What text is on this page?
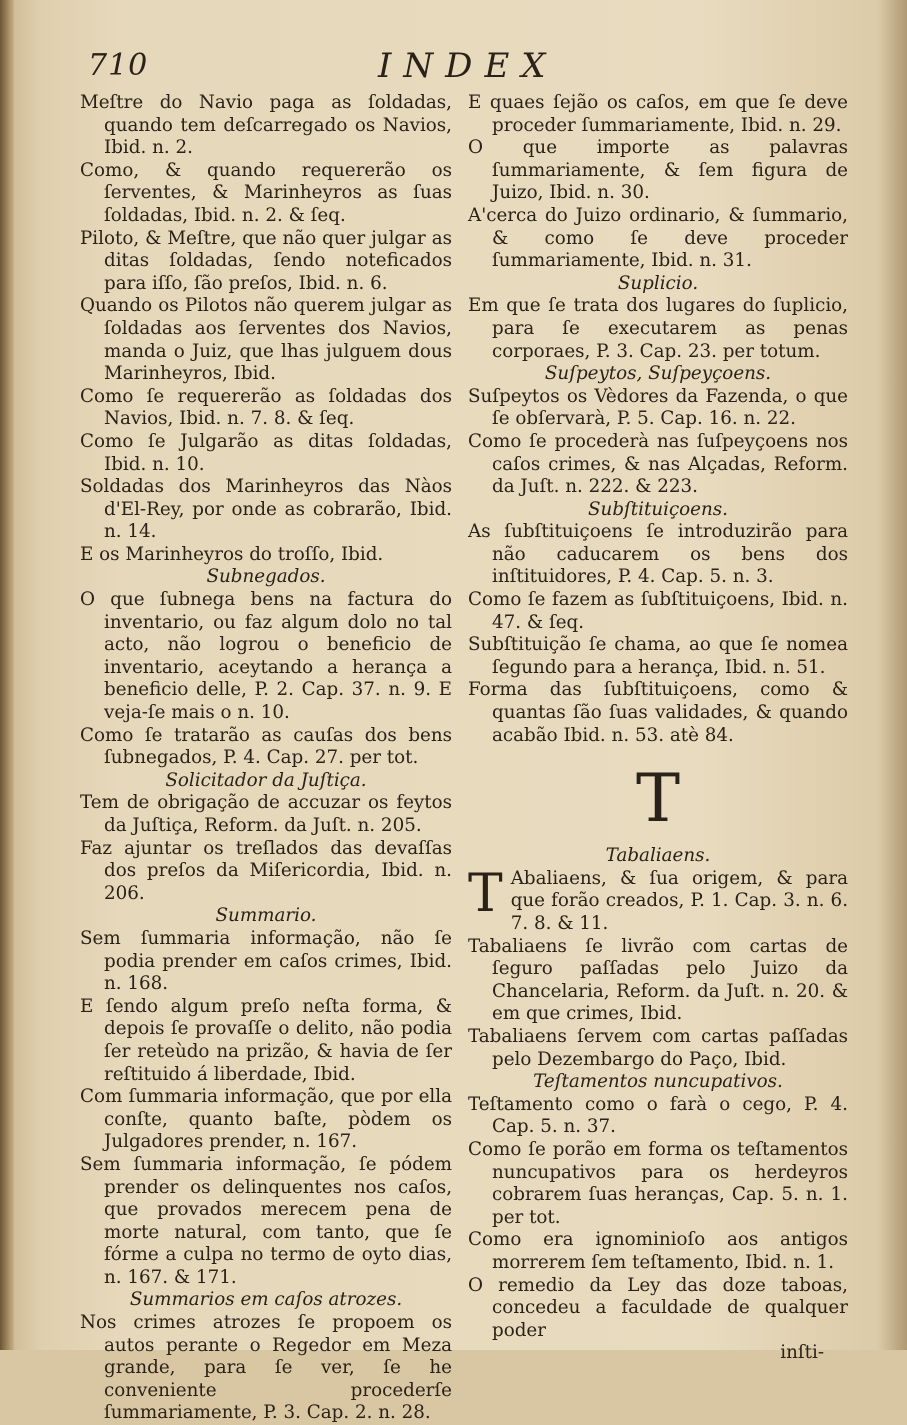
710	INDEX

Meſtre do Navio paga as ſoldadas, quando tem deſcarregado os Navios, Ibid. n. 2.

Como, & quando requererão os ſerventes, & Marinheyros as ſuas ſoldadas, Ibid. n. 2. & ſeq.

Piloto, & Meſtre, que não quer julgar as ditas ſoldadas, ſendo noteficados para iſſo, ſão preſos, Ibid. n. 6.

Quando os Pilotos não querem julgar as ſoldadas aos ſerventes dos Navios, manda o Juiz, que lhas julguem dous Marinheyros, Ibid.

Como ſe requererão as ſoldadas dos Navios, Ibid. n. 7. 8. & ſeq.

Como ſe Julgarão as ditas ſoldadas, Ibid. n. 10.

Soldadas dos Marinheyros das Nàos d'El-Rey, por onde as cobrarão, Ibid. n. 14.

E os Marinheyros do troſſo, Ibid.

Subnegados.

O que ſubnega bens na factura do inventario, ou faz algum dolo no tal acto, não logrou o beneficio de inventario, aceytando a herança a beneficio delle, P. 2. Cap. 37. n. 9. E veja-ſe mais o n. 10.

Como ſe tratarão as cauſas dos bens ſubnegados, P. 4. Cap. 27. per tot.

Solicitador da Juſtiça.

Tem de obrigação de accuzar os feytos da Juſtiça, Reform. da Juſt. n. 205.

Faz ajuntar os treſlados das devaſſas dos preſos da Miſericordia, Ibid. n. 206.

Summario.

Sem ſummaria informação, não ſe podia prender em caſos crimes, Ibid. n. 168.

E ſendo algum preſo neſta forma, & depois ſe provaſſe o delito, não podia ſer reteùdo na prizão, & havia de ſer reſtituido á liberdade, Ibid.

Com ſummaria informação, que por ella conſte, quanto baſte, pòdem os Julgadores prender, n. 167.

Sem ſummaria informação, ſe pódem prender os delinquentes nos caſos, que provados merecem pena de morte natural, com tanto, que ſe fórme a culpa no termo de oyto dias, n. 167. & 171.

Summarios em caſos atrozes.

Nos crimes atrozes ſe propoem os autos perante o Regedor em Meza grande, para ſe ver, ſe he conveniente procederſe ſummariamente, P. 3. Cap. 2. n. 28.

E quaes ſejão os caſos, em que ſe deve proceder ſummariamente, Ibid. n. 29.

O que importe as palavras ſummariamente, & ſem figura de Juizo, Ibid. n. 30.

A'cerca do Juizo ordinario, & ſummario, & como ſe deve proceder ſummariamente, Ibid. n. 31.

Suplicio.

Em que ſe trata dos lugares do ſuplicio, para ſe executarem as penas corporaes, P. 3. Cap. 23. per totum.

Suſpeytos, Suſpeyçoens.

Suſpeytos os Vèdores da Fazenda, o que ſe obſervarà, P. 5. Cap. 16. n. 22.

Como ſe procederà nas ſuſpeyçoens nos caſos crimes, & nas Alçadas, Reform. da Juſt. n. 222. & 223.

Subſtituiçoens.

As ſubſtituiçoens ſe introduzirão para não caducarem os bens dos inſtituidores, P. 4. Cap. 5. n. 3.

Como ſe fazem as ſubſtituiçoens, Ibid. n. 47. & ſeq.

Subſtituição ſe chama, ao que ſe nomea ſegundo para a herança, Ibid. n. 51.

Forma das ſubſtituiçoens, como & quantas ſão ſuas validades, & quando acabão Ibid. n. 53. atè 84.

T

Tabaliaens.

T Abaliaens, & ſua origem, & para que forão creados, P. 1. Cap. 3. n. 6. 7. 8. & 11.

Tabaliaens ſe livrão com cartas de ſeguro paſſadas pelo Juizo da Chancelaria, Reform. da Juſt. n. 20. & em que crimes, Ibid.

Tabaliaens ſervem com cartas paſſadas pelo Dezembargo do Paço, Ibid.

Teſtamentos nuncupativos.

Teſtamento como o farà o cego, P. 4. Cap. 5. n. 37.

Como ſe porão em forma os teſtamentos nuncupativos para os herdeyros cobrarem ſuas heranças, Cap. 5. n. 1. per tot.

Como era ignominioſo aos antigos morrerem ſem teſtamento, Ibid. n. 1.

O remedio da Ley das doze taboas, concedeu a faculdade de qualquer poder

inſti-
